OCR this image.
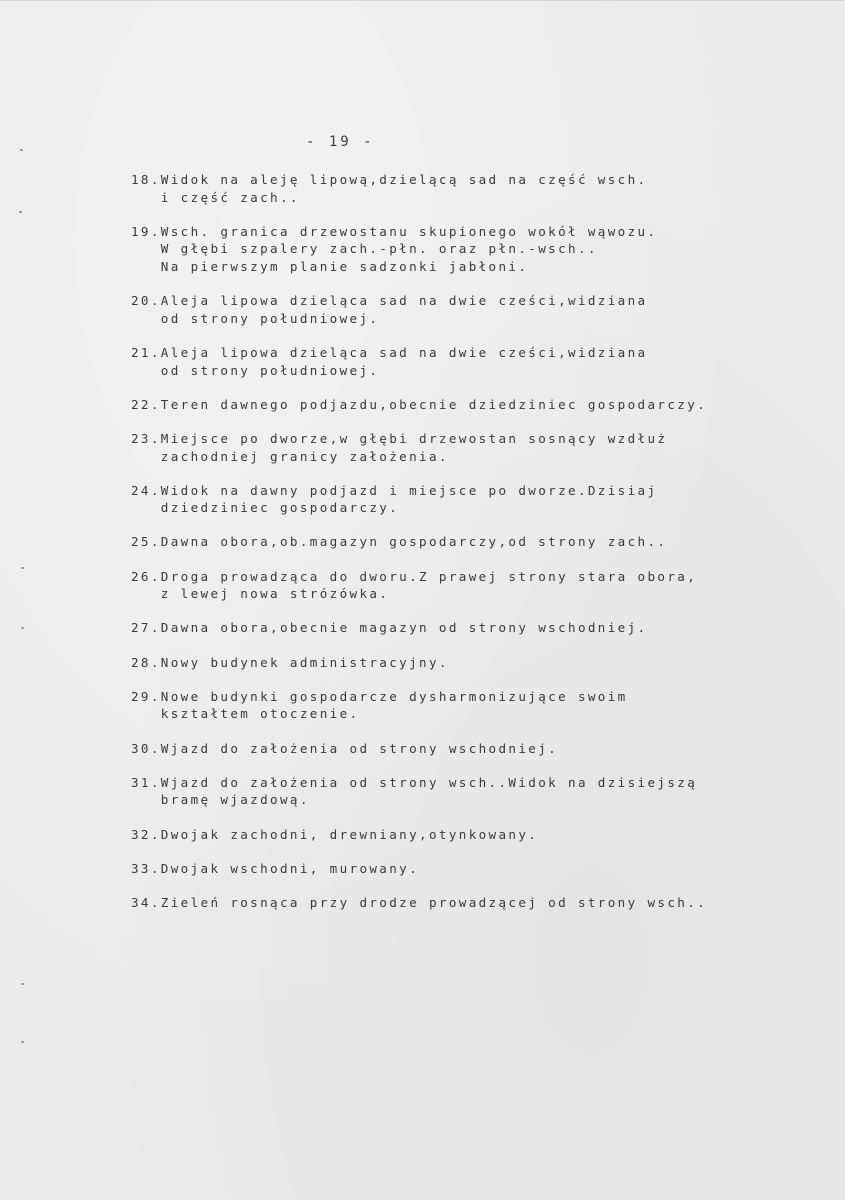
- 19 -
18. Widok na aleję lipową,dzielącą sad na część wsch.
i część zach..
19. Wsch. granica drzewostanu skupionego wokół wąwozu.
W głębi szpalery zach.-płn. oraz płn.-wsch..
Na pierwszym planie sadzonki jabłoni.
20. Aleja lipowa dzieląca sad na dwie cześci,widziana
od strony południowej.
21. Aleja lipowa dzieląca sad na dwie cześci,widziana
od strony południowej.
22. Teren dawnego podjazdu,obecnie dziedziniec gospodarczy.
23. Miejsce po dworze,w głębi drzewostan sosnący wzdłuż
zachodniej granicy założenia.
24. Widok na dawny podjazd i miejsce po dworze.Dzisiaj
dziedziniec gospodarczy.
25. Dawna obora,ob.magazyn gospodarczy,od strony zach..
26. Droga prowadząca do dworu.Z prawej strony stara obora,
z lewej nowa strózówka.
27. Dawna obora,obecnie magazyn od strony wschodniej.
28. Nowy budynek administracyjny.
29. Nowe budynki gospodarcze dysharmonizujące swoim
kształtem otoczenie.
30. Wjazd do założenia od strony wschodniej.
31. Wjazd do założenia od strony wsch..Widok na dzisiejszą
bramę wjazdową.
32. Dwojak zachodni, drewniany,otynkowany.
33. Dwojak wschodni, murowany.
34. Zieleń rosnąca przy drodze prowadzącej od strony wsch..
